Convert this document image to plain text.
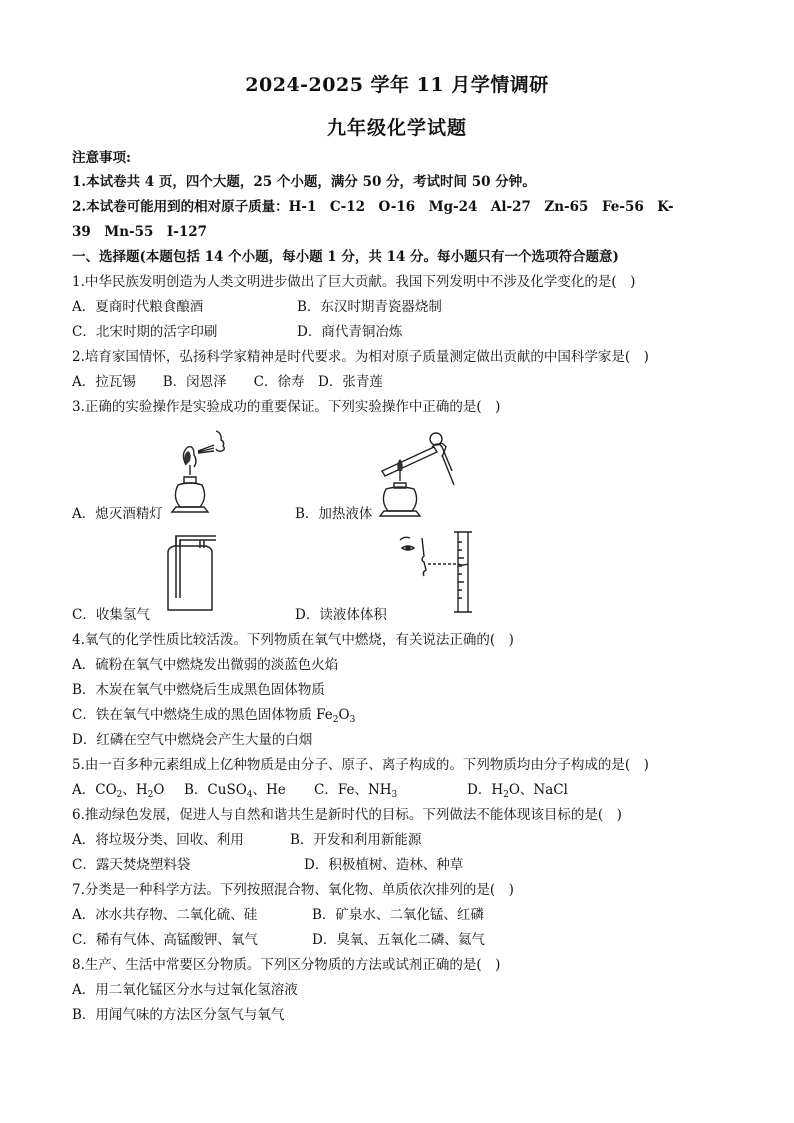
2024-2025 学年 11 月学情调研
九年级化学试题
注意事项:
1.本试卷共 4 页，四个大题，25 个小题，满分 50 分，考试时间 50 分钟。
2.本试卷可能用到的相对原子质量：H-1　C-12　O-16　Mg-24　Al-27　Zn-65　Fe-56　K-
39　Mn-55　I-127
一、选择题(本题包括 14 个小题，每小题 1 分，共 14 分。每小题只有一个选项符合题意)
1.中华民族发明创造为人类文明进步做出了巨大贡献。我国下列发明中不涉及化学变化的是(　)
A．夏商时代粮食酿酒	B．东汉时期青瓷器烧制
C．北宋时期的活字印刷	D．商代青铜冶炼
2.培育家国情怀，弘扬科学家精神是时代要求。为相对原子质量测定做出贡献的中国科学家是(　)
A．拉瓦锡　　B．闵恩泽　　C．徐寿　D．张青莲
3.正确的实验操作是实验成功的重要保证。下列实验操作中正确的是(　)
A．熄灭酒精灯	B．加热液体
C．收集氢气	D．读液体体积
4.氧气的化学性质比较活泼。下列物质在氧气中燃烧，有关说法正确的(　)
A．硫粉在氧气中燃烧发出微弱的淡蓝色火焰
B．木炭在氧气中燃烧后生成黑色固体物质
C．铁在氧气中燃烧生成的黑色固体物质 $Fe_2O_3$
D．红磷在空气中燃烧会产生大量的白烟
5.由一百多种元素组成上亿种物质是由分子、原子、离子构成的。下列物质均由分子构成的是(　)
A．$CO_2$、$H_2O$ B．CuSO$_4$、He C．Fe、$NH_3$	D．$H_2O$、NaCl
6.推动绿色发展，促进人与自然和谐共生是新时代的目标。下列做法不能体现该目标的是(　)
A．将垃圾分类、回收、利用	B．开发和利用新能源
C．露天焚烧塑料袋	D．积极植树、造林、种草
7.分类是一种科学方法。下列按照混合物、氧化物、单质依次排列的是(　)
A．冰水共存物、二氧化硫、硅	B．矿泉水、二氧化锰、红磷
C．稀有气体、高锰酸钾、氧气	D．臭氧、五氧化二磷、氦气
8.生产、生活中常要区分物质。下列区分物质的方法或试剂正确的是(　)
A．用二氧化锰区分水与过氧化氢溶液
B．用闻气味的方法区分氢气与氧气
